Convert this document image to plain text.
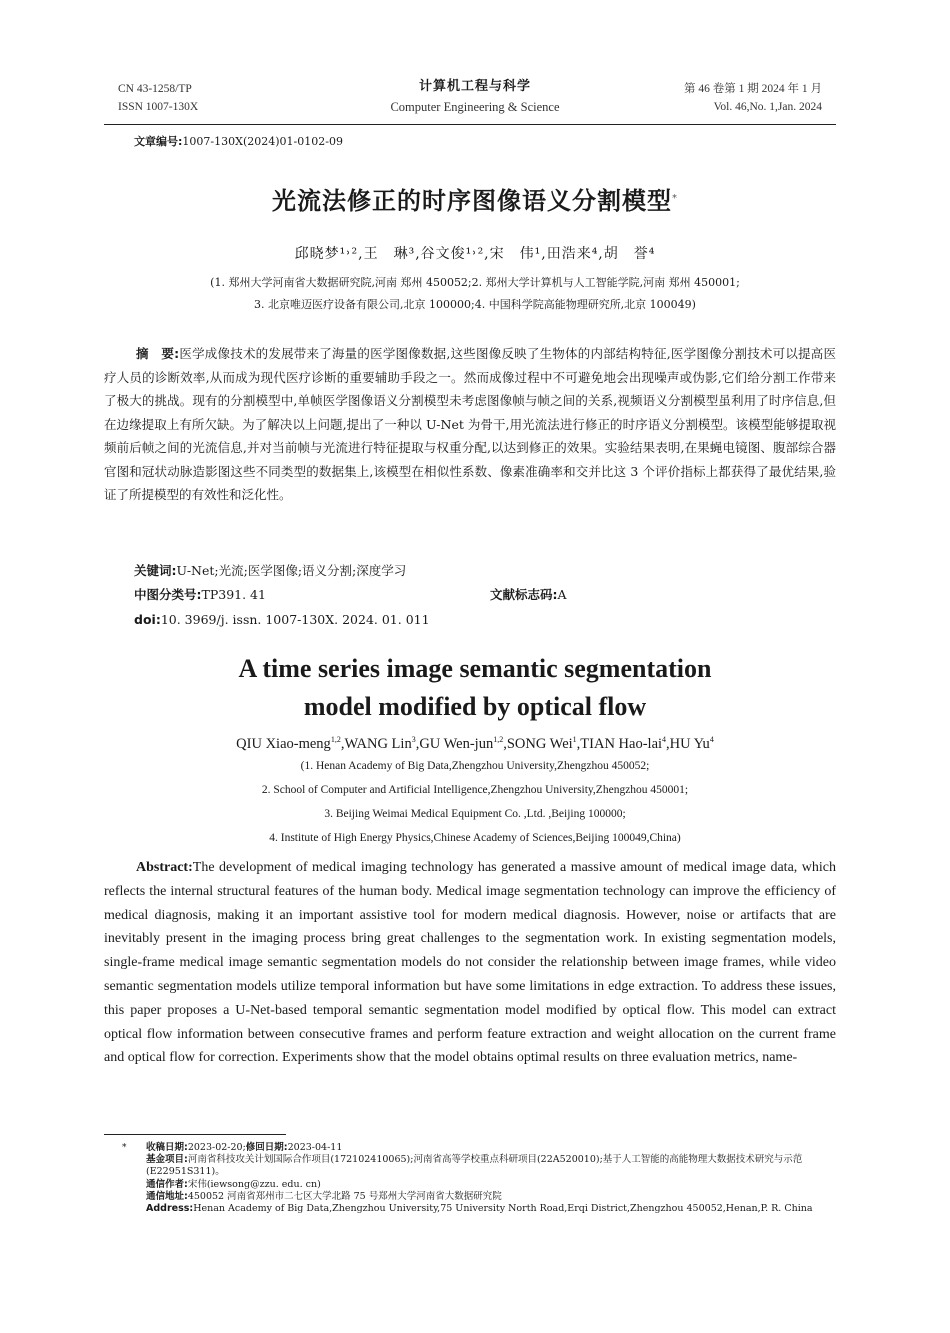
CN 43-1258/TP
ISSN 1007-130X
计算机工程与科学
Computer Engineering & Science
第 46 卷第 1 期 2024 年 1 月
Vol. 46,No. 1,Jan. 2024
文章编号:1007-130X(2024)01-0102-09
光流法修正的时序图像语义分割模型*
邱晓梦¹˒²,王　琳³,谷文俊¹˒²,宋　伟¹,田浩来⁴,胡　誉⁴
(1. 郑州大学河南省大数据研究院,河南 郑州 450052;2. 郑州大学计算机与人工智能学院,河南 郑州 450001;
3. 北京唯迈医疗设备有限公司,北京 100000;4. 中国科学院高能物理研究所,北京 100049)
摘　要:医学成像技术的发展带来了海量的医学图像数据,这些图像反映了生物体的内部结构特征,医学图像分割技术可以提高医疗人员的诊断效率,从而成为现代医疗诊断的重要辅助手段之一。然而成像过程中不可避免地会出现噪声或伪影,它们给分割工作带来了极大的挑战。现有的分割模型中,单帧医学图像语义分割模型未考虑图像帧与帧之间的关系,视频语义分割模型虽利用了时序信息,但在边缘提取上有所欠缺。为了解决以上问题,提出了一种以 U-Net 为骨干,用光流法进行修正的时序语义分割模型。该模型能够提取视频前后帧之间的光流信息,并对当前帧与光流进行特征提取与权重分配,以达到修正的效果。实验结果表明,在果蝇电镜图、腹部综合器官图和冠状动脉造影图这些不同类型的数据集上,该模型在相似性系数、像素准确率和交并比这 3 个评价指标上都获得了最优结果,验证了所提模型的有效性和泛化性。
关键词:U-Net;光流;医学图像;语义分割;深度学习
中图分类号:TP391. 41	文献标志码:A
doi:10. 3969/j. issn. 1007-130X. 2024. 01. 011
A time series image semantic segmentation
model modified by optical flow
QIU Xiao-meng$^{1,2}$,WANG Lin$^3$,GU Wen-jun$^{1,2}$,SONG Wei$^1$,TIAN Hao-lai$^4$,HU Yu$^4$
(1. Henan Academy of Big Data,Zhengzhou University,Zhengzhou 450052;
2. School of Computer and Artificial Intelligence,Zhengzhou University,Zhengzhou 450001;
3. Beijing Weimai Medical Equipment Co. ,Ltd. ,Beijing 100000;
4. Institute of High Energy Physics,Chinese Academy of Sciences,Beijing 100049,China)
Abstract:The development of medical imaging technology has generated a massive amount of medical image data, which reflects the internal structural features of the human body. Medical image segmentation technology can improve the efficiency of medical diagnosis, making it an important assistive tool for modern medical diagnosis. However, noise or artifacts that are inevitably present in the imaging process bring great challenges to the segmentation work. In existing segmentation models, single-frame medical image semantic segmentation models do not consider the relationship between image frames, while video semantic segmentation models utilize temporal information but have some limitations in edge extraction. To address these issues, this paper proposes a U-Net-based temporal semantic segmentation model modified by optical flow. This model can extract optical flow information between consecutive frames and perform feature extraction and weight allocation on the current frame and optical flow for correction. Experiments show that the model obtains optimal results on three evaluation metrics, name-
* 收稿日期:2023-02-20;修回日期:2023-04-11
基金项目:河南省科技攻关计划国际合作项目(172102410065);河南省高等学校重点科研项目(22A520010);基于人工智能的高能物理大数据技术研究与示范(E22951S311)。
通信作者:宋伟(iewsong@zzu. edu. cn)
通信地址:450052 河南省郑州市二七区大学北路 75 号郑州大学河南省大数据研究院
Address:Henan Academy of Big Data,Zhengzhou University,75 University North Road,Erqi District,Zhengzhou 450052,Henan,P. R. China
